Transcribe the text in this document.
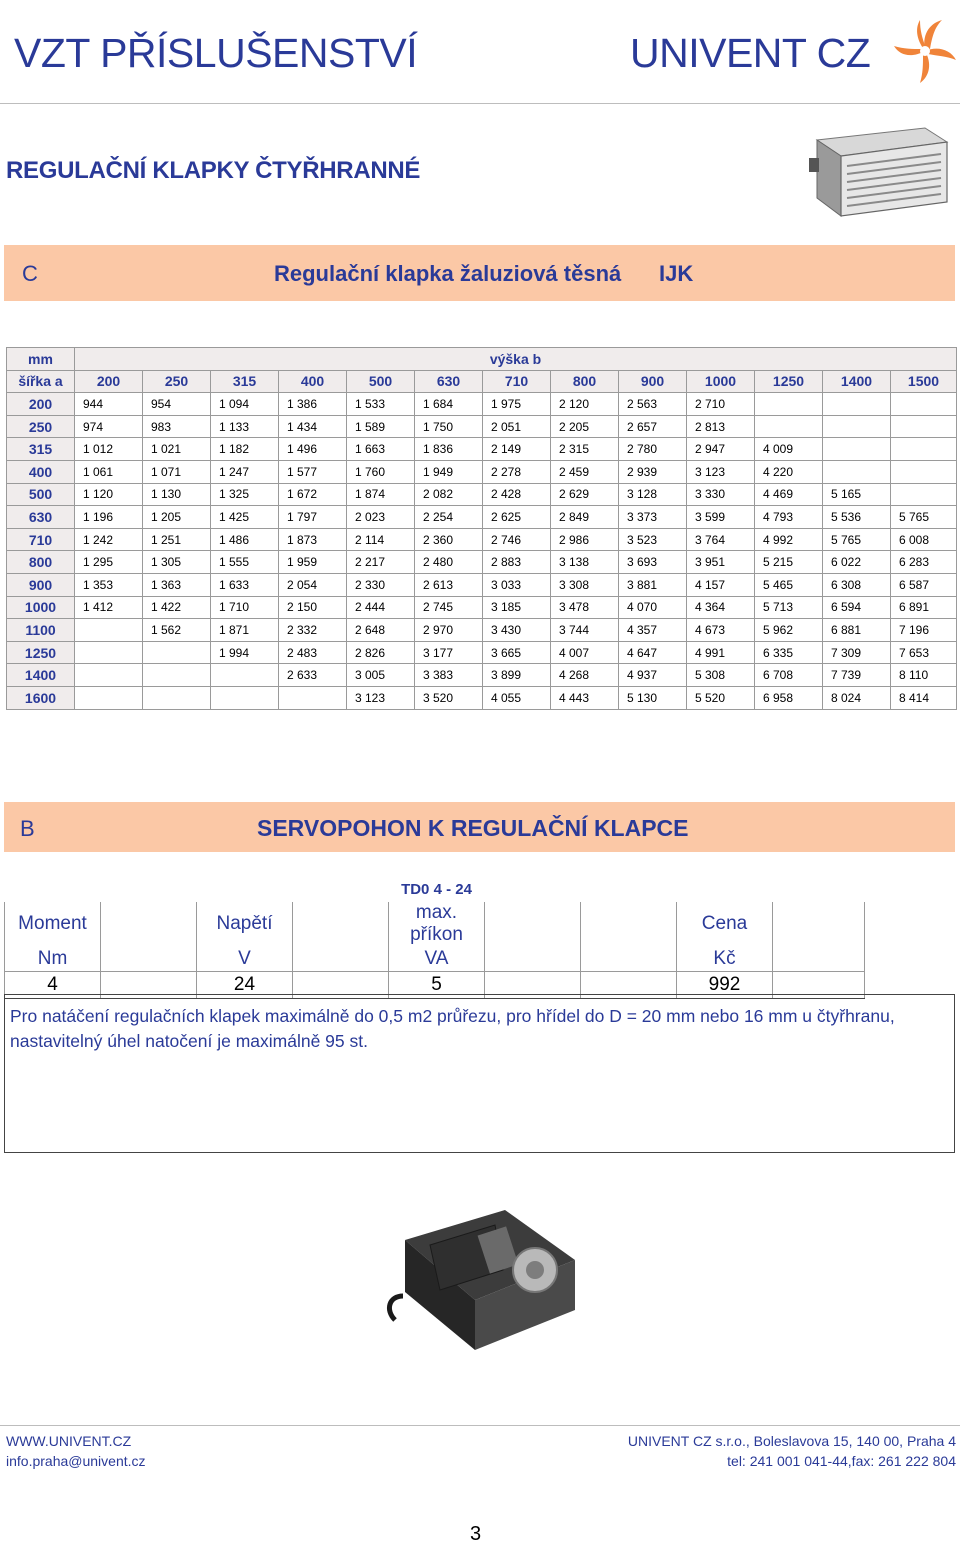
VZT PŘÍSLUŠENSTVÍ	UNIVENT CZ
REGULAČNÍ KLAPKY ČTYŘHRANNÉ
C	Regulační klapka žaluziová těsná IJK
mm	výška b												
šířka a	200	250	315	400	500	630	710	800	900	1000	1250	1400	1500
200	944	954	1 094	1 386	1 533	1 684	1 975	2 120	2 563	2 710			
250	974	983	1 133	1 434	1 589	1 750	2 051	2 205	2 657	2 813			
315	1 012	1 021	1 182	1 496	1 663	1 836	2 149	2 315	2 780	2 947	4 009		
400	1 061	1 071	1 247	1 577	1 760	1 949	2 278	2 459	2 939	3 123	4 220		
500	1 120	1 130	1 325	1 672	1 874	2 082	2 428	2 629	3 128	3 330	4 469	5 165	
630	1 196	1 205	1 425	1 797	2 023	2 254	2 625	2 849	3 373	3 599	4 793	5 536	5 765
710	1 242	1 251	1 486	1 873	2 114	2 360	2 746	2 986	3 523	3 764	4 992	5 765	6 008
800	1 295	1 305	1 555	1 959	2 217	2 480	2 883	3 138	3 693	3 951	5 215	6 022	6 283
900	1 353	1 363	1 633	2 054	2 330	2 613	3 033	3 308	3 881	4 157	5 465	6 308	6 587
1000	1 412	1 422	1 710	2 150	2 444	2 745	3 185	3 478	4 070	4 364	5 713	6 594	6 891
1100		1 562	1 871	2 332	2 648	2 970	3 430	3 744	4 357	4 673	5 962	6 881	7 196
1250			1 994	2 483	2 826	3 177	3 665	4 007	4 647	4 991	6 335	7 309	7 653
1400				2 633	3 005	3 383	3 899	4 268	4 937	5 308	6 708	7 739	8 110
1600					3 123	3 520	4 055	4 443	5 130	5 520	6 958	8 024	8 414
B	SERVOPOHON K REGULAČNÍ KLAPCE
				TD0 4 - 24				
Moment		Napětí		max. příkon			Cena	
Nm		V		VA			Kč	
4		24		5			992	
Pro natáčení regulačních klapek maximálně do 0,5 m2 průřezu, pro hřídel do D = 20 mm nebo 16 mm u čtyřhranu, nastavitelný úhel natočení je maximálně 95 st.
WWW.UNIVENT.CZ
info.praha@univent.cz
UNIVENT CZ s.r.o., Boleslavova 15, 140 00, Praha 4
tel: 241 001 041-44,fax: 261 222 804
3
